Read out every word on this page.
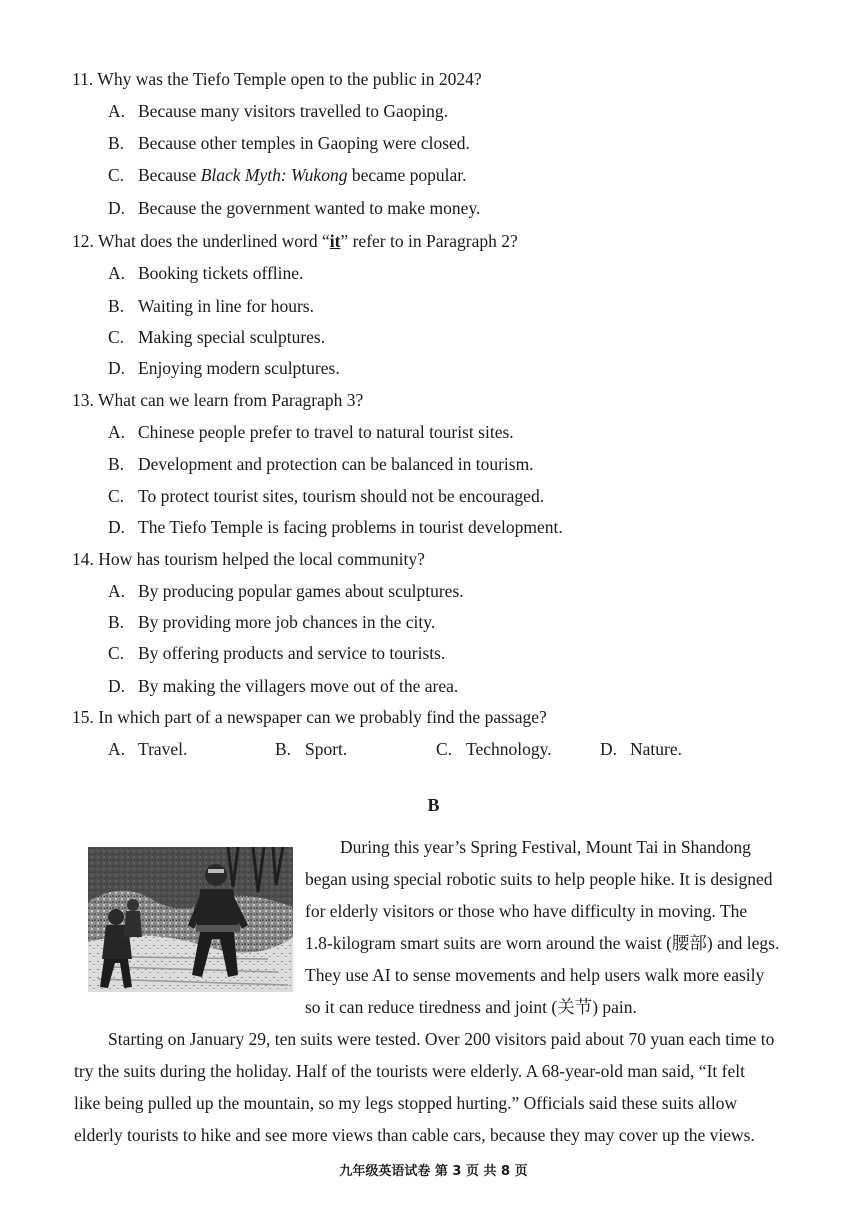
11. Why was the Tiefo Temple open to the public in 2024?
A. Because many visitors travelled to Gaoping.
B. Because other temples in Gaoping were closed.
C. Because Black Myth: Wukong became popular.
D. Because the government wanted to make money.
12. What does the underlined word “it” refer to in Paragraph 2?
A. Booking tickets offline.
B. Waiting in line for hours.
C. Making special sculptures.
D. Enjoying modern sculptures.
13. What can we learn from Paragraph 3?
A. Chinese people prefer to travel to natural tourist sites.
B. Development and protection can be balanced in tourism.
C. To protect tourist sites, tourism should not be encouraged.
D. The Tiefo Temple is facing problems in tourist development.
14. How has tourism helped the local community?
A. By producing popular games about sculptures.
B. By providing more job chances in the city.
C. By offering products and service to tourists.
D. By making the villagers move out of the area.
15. In which part of a newspaper can we probably find the passage?
A. Travel.	B. Sport.	C. Technology.	D. Nature.
B
During this year’s Spring Festival, Mount Tai in Shandong
began using special robotic suits to help people hike. It is designed
for elderly visitors or those who have difficulty in moving. The
1.8-kilogram smart suits are worn around the waist (腰部) and legs.
They use AI to sense movements and help users walk more easily
so it can reduce tiredness and joint (关节) pain.
Starting on January 29, ten suits were tested. Over 200 visitors paid about 70 yuan each time to
try the suits during the holiday. Half of the tourists were elderly. A 68-year-old man said, “It felt
like being pulled up the mountain, so my legs stopped hurting.” Officials said these suits allow
elderly tourists to hike and see more views than cable cars, because they may cover up the views.
九年级英语试卷 第 3 页 共 8 页
